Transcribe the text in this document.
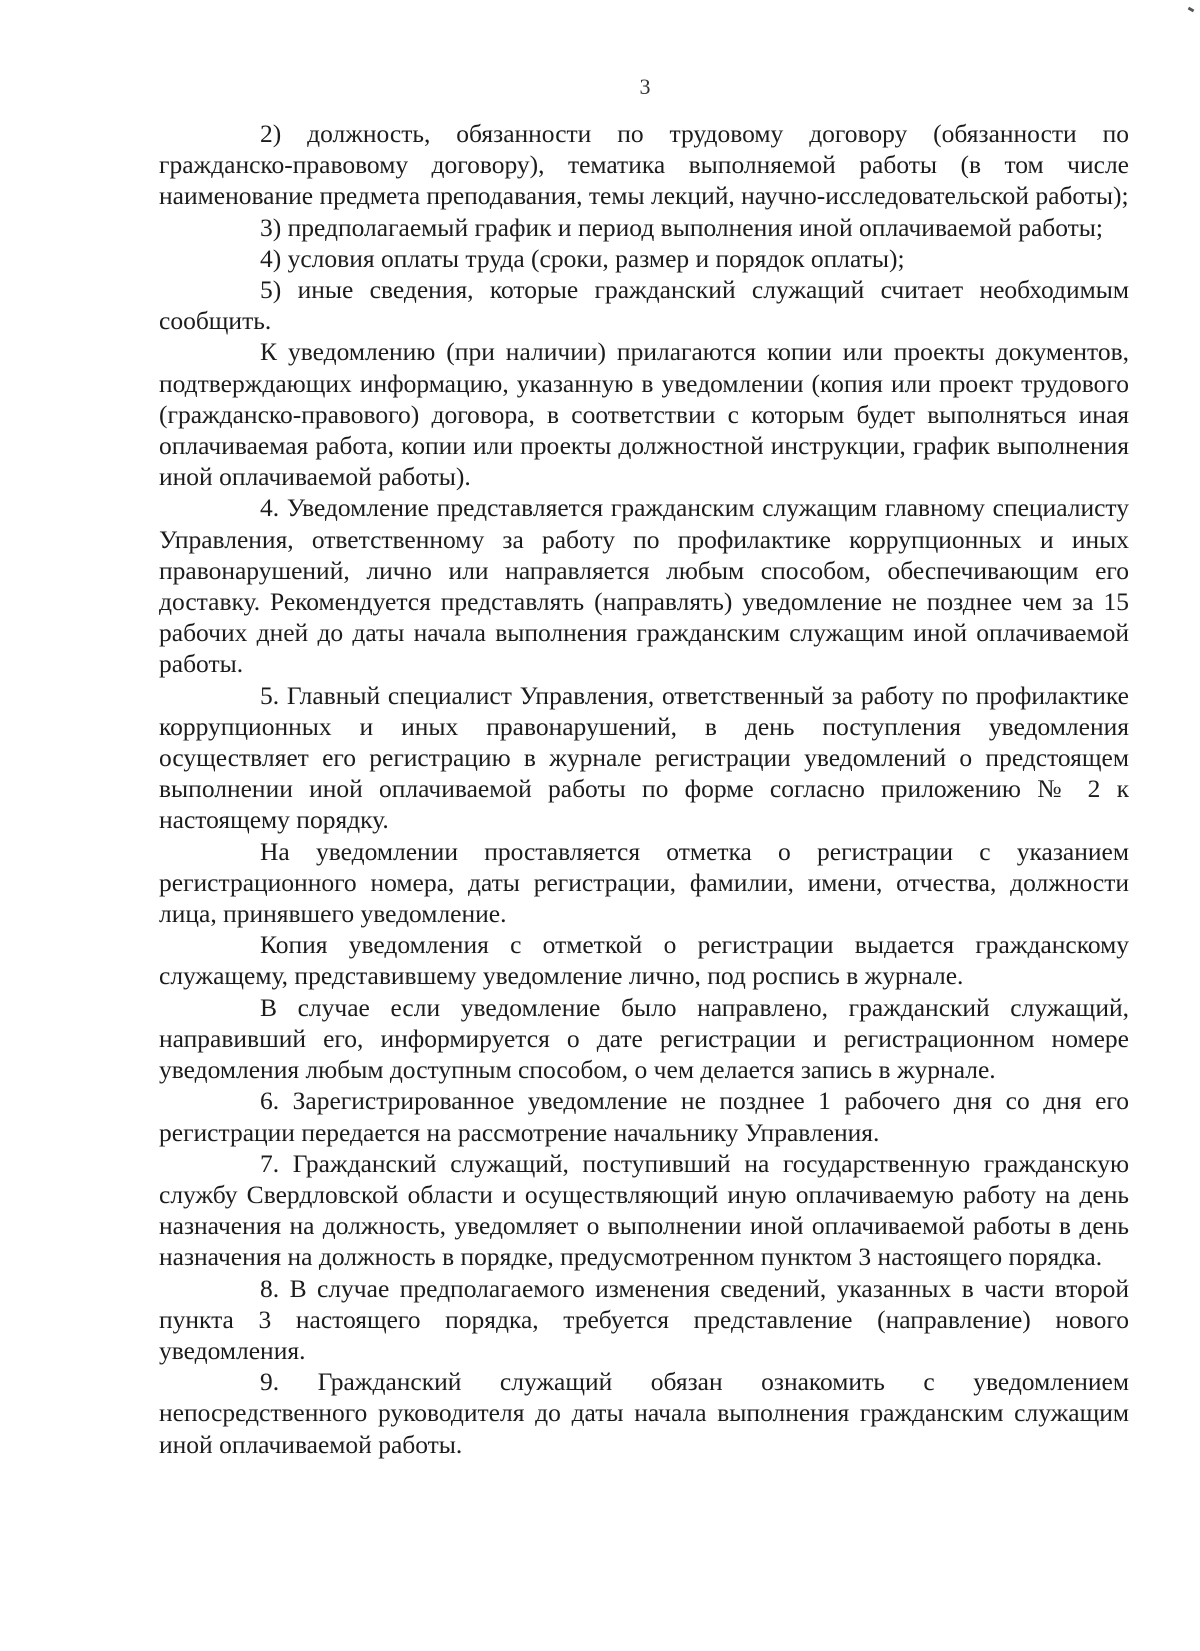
3

2) должность, обязанности по трудовому договору (обязанности по гражданско-правовому договору), тематика выполняемой работы (в том числе наименование предмета преподавания, темы лекций, научно-исследовательской работы);

3) предполагаемый график и период выполнения иной оплачиваемой работы;

4) условия оплаты труда (сроки, размер и порядок оплаты);

5) иные сведения, которые гражданский служащий считает необходимым сообщить.

К уведомлению (при наличии) прилагаются копии или проекты документов, подтверждающих информацию, указанную в уведомлении (копия или проект трудового (гражданско-правового) договора, в соответствии с которым будет выполняться иная оплачиваемая работа, копии или проекты должностной инструкции, график выполнения иной оплачиваемой работы).

4. Уведомление представляется гражданским служащим главному специалисту Управления, ответственному за работу по профилактике коррупционных и иных правонарушений, лично или направляется любым способом, обеспечивающим его доставку. Рекомендуется представлять (направлять) уведомление не позднее чем за 15 рабочих дней до даты начала выполнения гражданским служащим иной оплачиваемой работы.

5. Главный специалист Управления, ответственный за работу по профилактике коррупционных и иных правонарушений, в день поступления уведомления осуществляет его регистрацию в журнале регистрации уведомлений о предстоящем выполнении иной оплачиваемой работы по форме согласно приложению № 2 к настоящему порядку.

На уведомлении проставляется отметка о регистрации с указанием регистрационного номера, даты регистрации, фамилии, имени, отчества, должности лица, принявшего уведомление.

Копия уведомления с отметкой о регистрации выдается гражданскому служащему, представившему уведомление лично, под роспись в журнале.

В случае если уведомление было направлено, гражданский служащий, направивший его, информируется о дате регистрации и регистрационном номере уведомления любым доступным способом, о чем делается запись в журнале.

6. Зарегистрированное уведомление не позднее 1 рабочего дня со дня его регистрации передается на рассмотрение начальнику Управления.

7. Гражданский служащий, поступивший на государственную гражданскую службу Свердловской области и осуществляющий иную оплачиваемую работу на день назначения на должность, уведомляет о выполнении иной оплачиваемой работы в день назначения на должность в порядке, предусмотренном пунктом 3 настоящего порядка.

8. В случае предполагаемого изменения сведений, указанных в части второй пункта 3 настоящего порядка, требуется представление (направление) нового уведомления.

9. Гражданский служащий обязан ознакомить с уведомлением непосредственного руководителя до даты начала выполнения гражданским служащим иной оплачиваемой работы.
